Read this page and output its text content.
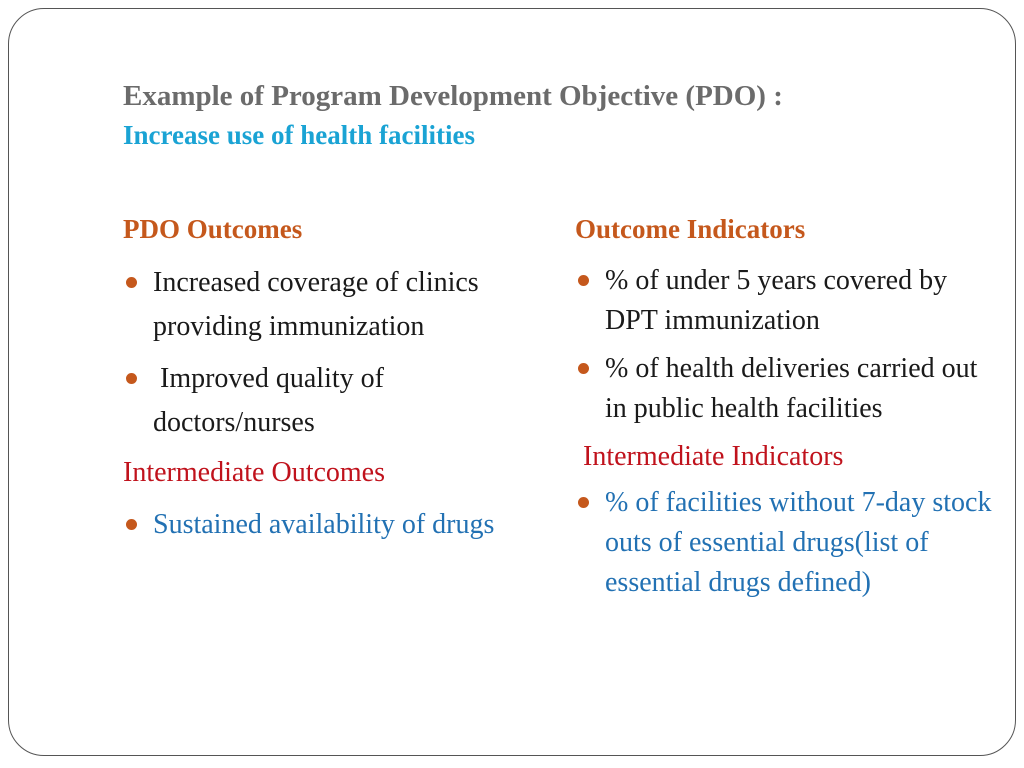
Example of Program Development Objective (PDO) :
Increase use of health facilities
PDO Outcomes
Increased coverage of clinics providing immunization
Improved quality of doctors/nurses
Intermediate Outcomes
Sustained availability of drugs
Outcome Indicators
% of under 5 years covered by DPT immunization
% of health deliveries carried out in public health facilities
Intermediate Indicators
% of facilities without 7-day stock outs of essential drugs(list of essential drugs defined)
